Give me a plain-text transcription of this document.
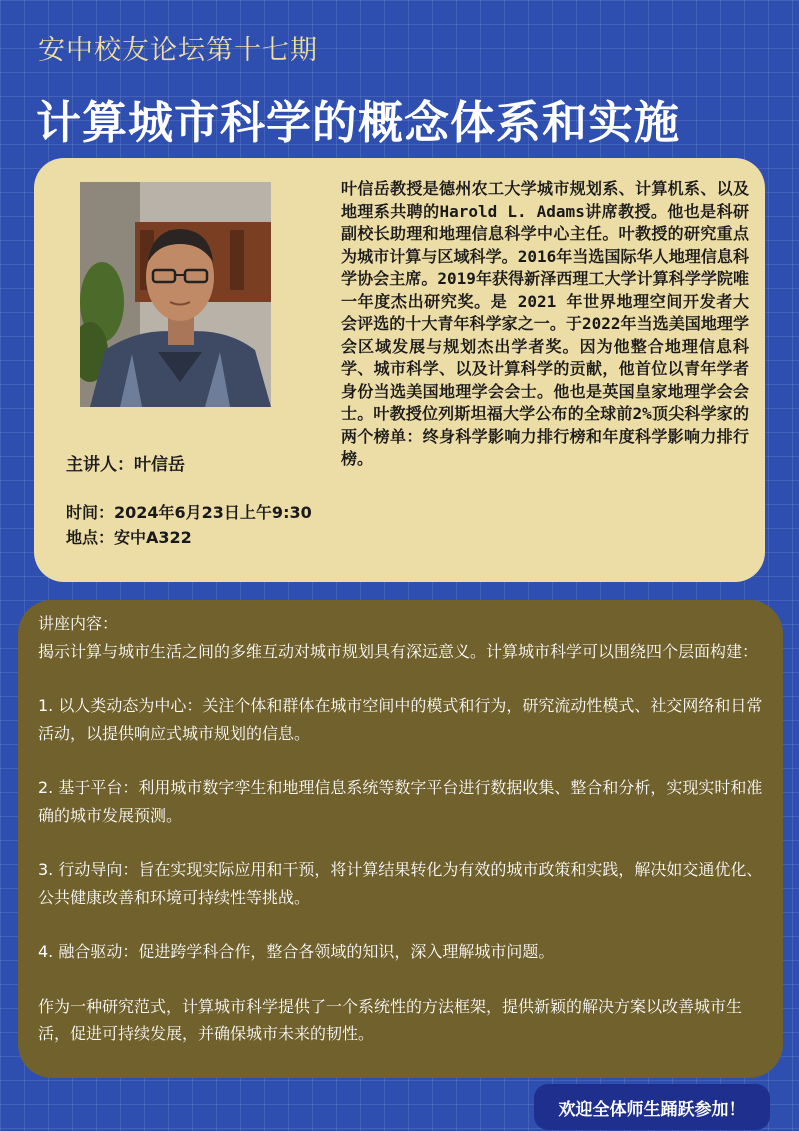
安中校友论坛第十七期
计算城市科学的概念体系和实施
主讲人：叶信岳
时间：2024年6月23日上午9:30
地点：安中A322
叶信岳教授是德州农工大学城市规划系、计算机系、以及地理系共聘的Harold L. Adams讲席教授。他也是科研副校长助理和地理信息科学中心主任。叶教授的研究重点为城市计算与区域科学。2016年当选国际华人地理信息科学协会主席。2019年获得新泽西理工大学计算科学学院唯一年度杰出研究奖。是 2021 年世界地理空间开发者大会评选的十大青年科学家之一。于2022年当选美国地理学会区域发展与规划杰出学者奖。因为他整合地理信息科学、城市科学、以及计算科学的贡献，他首位以青年学者身份当选美国地理学会会士。他也是英国皇家地理学会会士。叶教授位列斯坦福大学公布的全球前2%顶尖科学家的两个榜单：终身科学影响力排行榜和年度科学影响力排行榜。

讲座内容：

揭示计算与城市生活之间的多维互动对城市规划具有深远意义。计算城市科学可以围绕四个层面构建：

1. 以人类动态为中心：关注个体和群体在城市空间中的模式和行为，研究流动性模式、社交网络和日常活动，以提供响应式城市规划的信息。

2. 基于平台：利用城市数字孪生和地理信息系统等数字平台进行数据收集、整合和分析，实现实时和准确的城市发展预测。

3. 行动导向：旨在实现实际应用和干预，将计算结果转化为有效的城市政策和实践，解决如交通优化、公共健康改善和环境可持续性等挑战。

4. 融合驱动：促进跨学科合作，整合各领域的知识，深入理解城市问题。

作为一种研究范式，计算城市科学提供了一个系统性的方法框架，提供新颖的解决方案以改善城市生活，促进可持续发展，并确保城市未来的韧性。

欢迎全体师生踊跃参加！
